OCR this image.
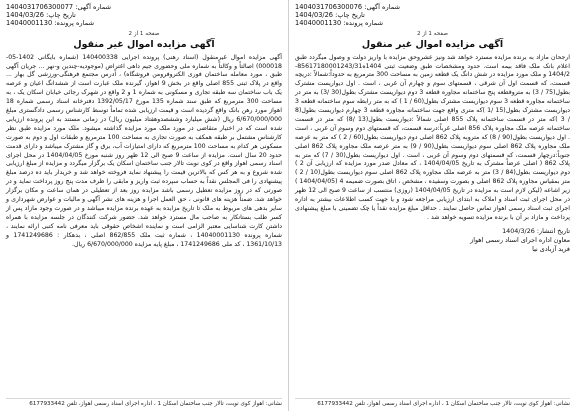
شماره آگهی: 1404031706300076
تاریخ چاپ: 1404/03/26
شماره پرونده: 14040001130
صفحه 1 از 2
آگهی مزایده اموال غیر منقول
ارجحان مازاد به برنده مزایده مسترد خواهد شد ونیز عشروحق مزایده با واریز دولت و وصول میگردد طبق اعلام بانک ملک فاقد بیمه است. حدود ومشخصات طبق وضعیت ثبتی 1404ه85617180001243/31-1404/2 و ملک مورد مزایده در شش دانگ یک قطعه زمین به مساحت 300 مترمربع به حدوداً:شمالاً :دریچه قسمت، که قسمت اول آن شرقی ، قسمتهای سوم و چهارم آن غربی ، است . اول دیواریست مشترک بطول(75 / 3) به متروقطعه پنج ساختمانه مجاوره قطعه 3 دوم دیواریست مشترک بطول(30 /3) به متر در ساختمانه مجاوره قطعه 3 سوم دیواریست مشترک بطول(60 / 1 ) که به متر رابطه سوم ساختمانه قطعه 3 دیواریست مشترک بطول(15 /1 )که متری واقع جهت ساختمانه مجاوره قطعه 3 چهارم دیواریست بطول(8 / 3 )که متر در قسمت ساختمانه پلاک 855 اصلی شمالاً :دیواریست بطول(13 /8) که متر در قسمت ساختمانه عرصه ملک مجاوره پلاک 856 اصلی غرباً:درسه قسمت، که قسمتهای دوم وسوم آن غربی ، است . اول دیواریست بطول(90 / 8) که متروبه پلاک 862 اصلی دوم دیواریست بطول(60 / 2 ) که متر به عرصه ملک مجاوره پلاک 862 اصلی سوم دیواریست بطول(90 / 9) به متر عرصه ملک مجاوره پلاک 862 اصلی جنوباً:درچهار قسمت، که قسمتهای دوم وسوم آن غربی ، است . اول دیواریست بطول(30 / 7) که متر به پلاک 862 ( اصلی عرضاً مشترک به تاریخ 1404/04/05 ، که معادل صدر مورد مزایده که ارزیابی آن 2 ) دوم دیواریست بطول(84 / 3) متر به عرصه ملک مجاوره پلاک 862 اصلی سوم دیواریست بطول(10 / 2 ) متر بمقیاس مجاوره پلاک 862 اصلی و بصورت وسفیده ، مشخص ، اتاق بصورت ضمیمه 4 (1404/04/05 ) زیر اشاعه (لیکن لازم است به مزایده در تاریخ 1404/04/05 (روزی) منتسب از ساعت 9 صبح الی 12 ظهر در محل اجرای ثبت اسناد و املاک به ابتدای ارزیابی مراجعه شود و یا جهت کسب اطلاعات بیشتر به اداره اجرای ثبت اسناد رسمی اهواز تماس حاصل نمایند . حداقل مبلغ مزایده نقداً یا چک تضمینی با مبلغ پیشنهادی پرداخت و مازاد بر آن با برنده مزایده تسویه خواهد شد .
تاریخ انتشار: 1404/3/26
معاون اداره اجرای اسناد رسمی اهواز
فرید آزبادی نیا
نشانی: اهواز کوی نوبت، تالار جنب ساختمان اسکان 1 ، اداره اجرای اسناد رسمی اهواز، تلفن 6177933442
شماره آگهی: 1404031706300077
تاریخ چاپ: 1404/03/26
شماره پرونده: 14040001130
صفحه 1 از 2
آگهی مزایده اموال غیر منقول
آگهی مزایده اموال غیرمنقول (اسناد رهنی) پرونده اجرایی 140400338 (شماره بایگانی 1402-05-000018) اصالتاً و وکالتاً به شماره ملی وحضوری جیم داهی اغتراض (موجودیه-چندین و-نهر ... جریان آگهی طبق ، مورد معامله ساختمان فوری الکتروفرومن فروشگاه) ، آدرس مجتمع فرهنگی-ورزشی گل بهار ... واقع در پلاک ثبتی 855 اصلی واقع در بخش 9 اهواز، گیرنده ملک عبارت است از ششدانگ اعیان و عرصه یک باب ساختمان سه طبقه تجاری و مسکونی به شماره 1 و 2 واقع در شهرک رجائی خیابان اسکان یک ، به مساحت 300 مترمربع که طبق سند شماره 135 مورخ 1392/05/17 دفترخانه اسناد رسمی شماره 18 اهواز مورد رهن بانک واقع گردیده است و قیمت ارزیابی شده تماماً توسط کارشناس رسمی دادگستری مبلغ 6/670/000/000 ریال (شش میلیارد وششصدوهفتاد میلیون ریال) در زمانی مستند به این پرونده ارزیابی شده است که در اختیار متقاضی در مورد ملک مورد مزایده گذاشته میشود. ملک مورد مزایده طبق نظر کارشناس مشتمل بر طبقه همکف به صورت تجاری به مساحت 100 مترمربع و طبقات اول و دوم به صورت مسکونی هر کدام به مساحت 100 مترمربع که دارای امتیازات آب، برق و گاز مشترک میباشد و دارای قدمت حدود 20 سال است. مزایده از ساعت 9 صبح الی 12 ظهر روز شنبه مورخ 1404/04/05 در محل اجرای اسناد رسمی اهواز واقع در کوی نوبت تالار جنب ساختمان اسکان یک برگزار میگردد و مزایده از مبلغ ارزیابی شده شروع و به هر کس که بالاترین قیمت را پیشنهاد نماید فروخته خواهد شد و خریدار باید ده درصد مبلغ پیشنهادی را فی المجلس نقداً به حساب سپرده ثبت واریز و مابقی را ظرف مدت پنج روز پرداخت نماید و در صورتی که در روز مزایده تعطیل رسمی باشد مزایده روز بعد از تعطیلی در همان ساعت و مکان برگزار خواهد شد. ضمناً هزینه های قانونی ، حق العمل اجرا و هزینه های نشر آگهی و مالیات و عوارض شهرداری و سایر بدهی های مربوط به ملک تا تاریخ مزایده به عهده برنده مزایده میباشد و در صورت وجود مازاد پس از کسر طلب بستانکار به صاحب مال مسترد خواهد شد. حضور شرکت کنندگان در جلسه مزایده با همراه داشتن کارت شناسایی معتبر الزامی است و نماینده اشخاص حقوقی باید معرفی نامه کتبی ارائه نمایند ، شماره پرونده 14040001130 ، شماره ثبت ملک 862/855 اصلی ، بدهکار : 1741249686 و 1361/10/13 ، کد ملی 1741249686 ، مبلغ پایه مزایده 6/670/000/000 ریال.
نشانی: اهواز کوی نوبت، تالار جنب ساختمان اسکان 1 ، اداره اجرای اسناد رسمی اهواز، تلفن 6177933442
